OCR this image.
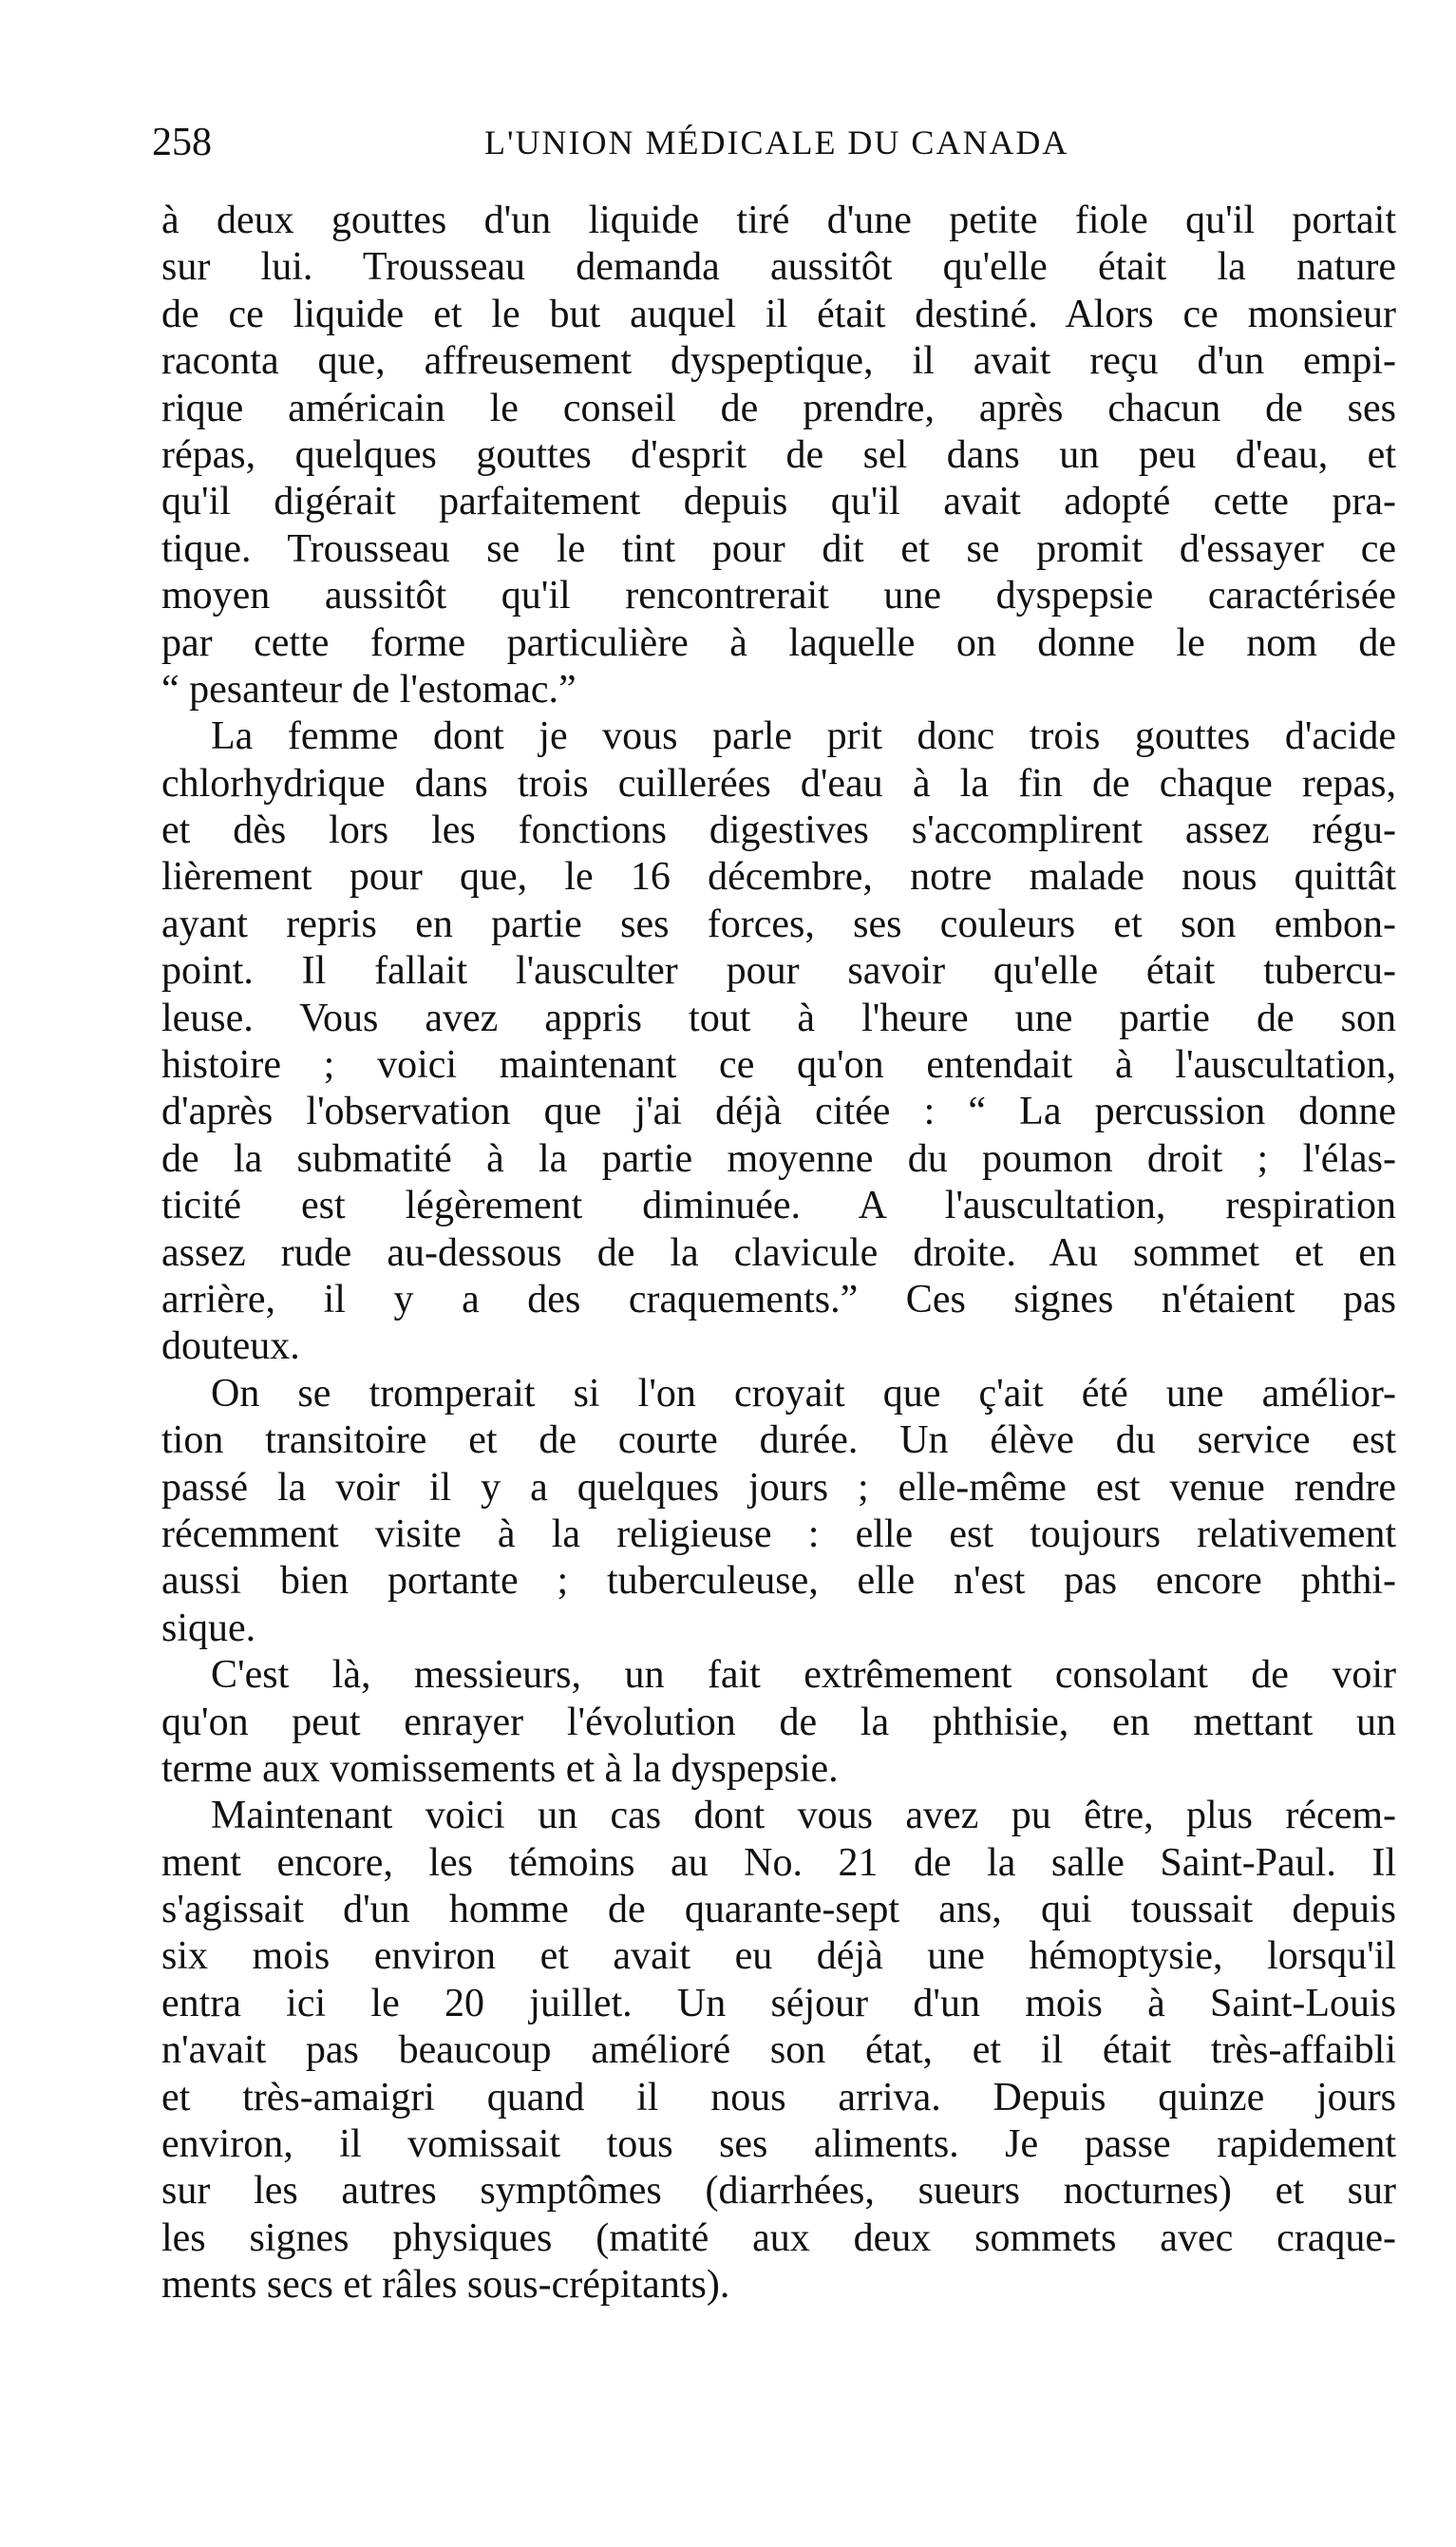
258	L'UNION MÉDICALE DU CANADA
à deux gouttes d'un liquide tiré d'une petite fiole qu'il portait
sur lui. Trousseau demanda aussitôt qu'elle était la nature
de ce liquide et le but auquel il était destiné. Alors ce monsieur
raconta que, affreusement dyspeptique, il avait reçu d'un empi-
rique américain le conseil de prendre, après chacun de ses
répas, quelques gouttes d'esprit de sel dans un peu d'eau, et
qu'il digérait parfaitement depuis qu'il avait adopté cette pra-
tique. Trousseau se le tint pour dit et se promit d'essayer ce
moyen aussitôt qu'il rencontrerait une dyspepsie caractérisée
par cette forme particulière à laquelle on donne le nom de
“ pesanteur de l'estomac.”
La femme dont je vous parle prit donc trois gouttes d'acide
chlorhydrique dans trois cuillerées d'eau à la fin de chaque repas,
et dès lors les fonctions digestives s'accomplirent assez régu-
lièrement pour que, le 16 décembre, notre malade nous quittât
ayant repris en partie ses forces, ses couleurs et son embon-
point. Il fallait l'ausculter pour savoir qu'elle était tubercu-
leuse. Vous avez appris tout à l'heure une partie de son
histoire ; voici maintenant ce qu'on entendait à l'auscultation,
d'après l'observation que j'ai déjà citée : “ La percussion donne
de la submatité à la partie moyenne du poumon droit ; l'élas-
ticité est légèrement diminuée. A l'auscultation, respiration
assez rude au-dessous de la clavicule droite. Au sommet et en
arrière, il y a des craquements.” Ces signes n'étaient pas
douteux.
On se tromperait si l'on croyait que ç'ait été une amélior-
tion transitoire et de courte durée. Un élève du service est
passé la voir il y a quelques jours ; elle-même est venue rendre
récemment visite à la religieuse : elle est toujours relativement
aussi bien portante ; tuberculeuse, elle n'est pas encore phthi-
sique.
C'est là, messieurs, un fait extrêmement consolant de voir
qu'on peut enrayer l'évolution de la phthisie, en mettant un
terme aux vomissements et à la dyspepsie.
Maintenant voici un cas dont vous avez pu être, plus récem-
ment encore, les témoins au No. 21 de la salle Saint-Paul. Il
s'agissait d'un homme de quarante-sept ans, qui toussait depuis
six mois environ et avait eu déjà une hémoptysie, lorsqu'il
entra ici le 20 juillet. Un séjour d'un mois à Saint-Louis
n'avait pas beaucoup amélioré son état, et il était très-affaibli
et très-amaigri quand il nous arriva. Depuis quinze jours
environ, il vomissait tous ses aliments. Je passe rapidement
sur les autres symptômes (diarrhées, sueurs nocturnes) et sur
les signes physiques (matité aux deux sommets avec craque-
ments secs et râles sous-crépitants).
